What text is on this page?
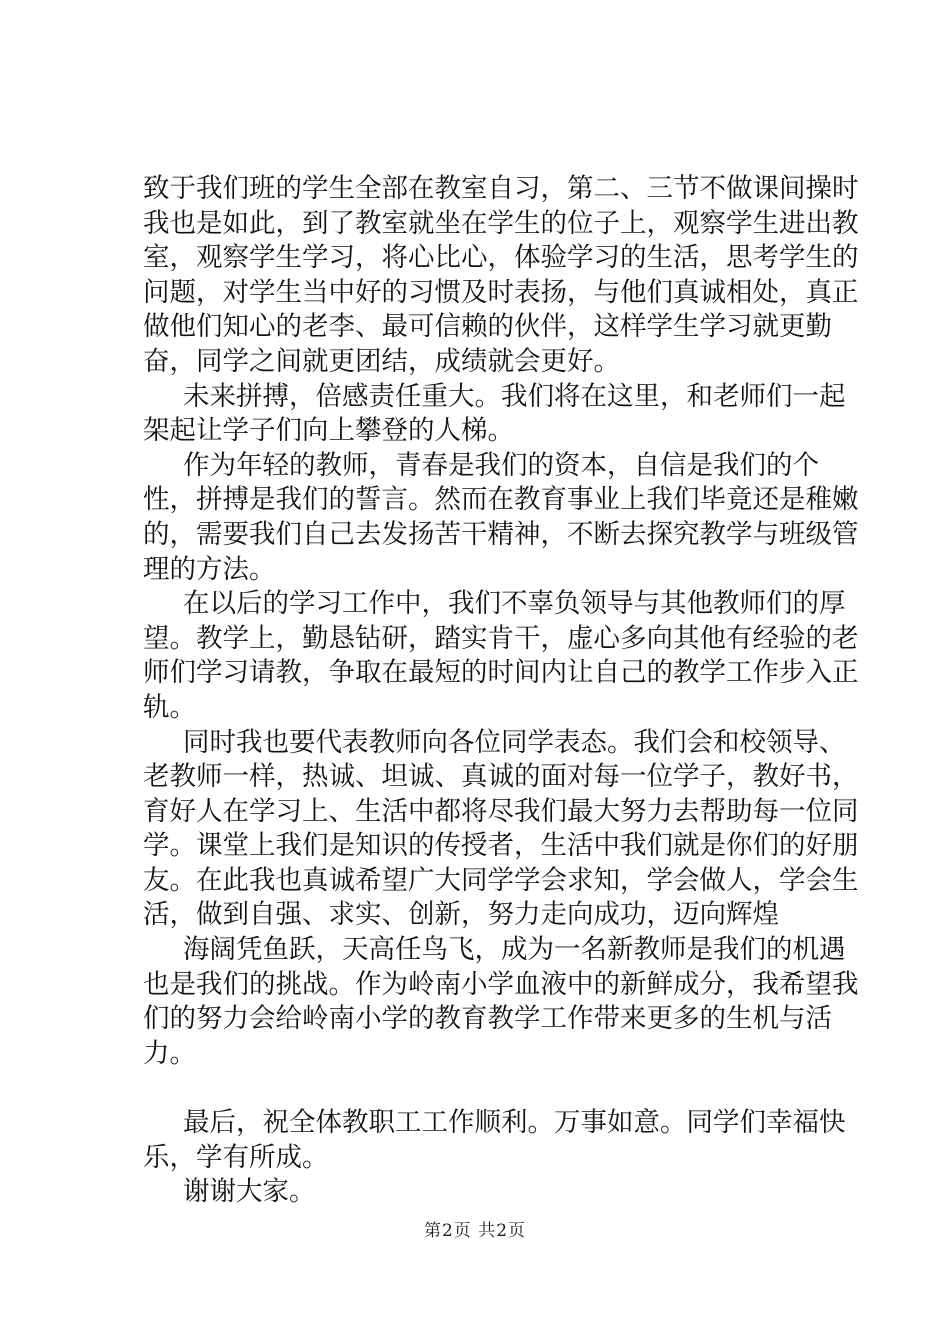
致于我们班的学生全部在教室自习，第二、三节不做课间操时我也是如此，到了教室就坐在学生的位子上，观察学生进出教室，观察学生学习，将心比心，体验学习的生活，思考学生的问题，对学生当中好的习惯及时表扬，与他们真诚相处，真正做他们知心的老李、最可信赖的伙伴，这样学生学习就更勤奋，同学之间就更团结，成绩就会更好。

未来拼搏，倍感责任重大。我们将在这里，和老师们一起架起让学子们向上攀登的人梯。

作为年轻的教师，青春是我们的资本，自信是我们的个性，拼搏是我们的誓言。然而在教育事业上我们毕竟还是稚嫩的，需要我们自己去发扬苦干精神，不断去探究教学与班级管理的方法。

在以后的学习工作中，我们不辜负领导与其他教师们的厚望。教学上，勤恳钻研，踏实肯干，虚心多向其他有经验的老师们学习请教，争取在最短的时间内让自己的教学工作步入正轨。

同时我也要代表教师向各位同学表态。我们会和校领导、老教师一样，热诚、坦诚、真诚的面对每一位学子，教好书，育好人在学习上、生活中都将尽我们最大努力去帮助每一位同学。课堂上我们是知识的传授者，生活中我们就是你们的好朋友。在此我也真诚希望广大同学学会求知，学会做人，学会生活，做到自强、求实、创新，努力走向成功，迈向辉煌

海阔凭鱼跃，天高任鸟飞，成为一名新教师是我们的机遇也是我们的挑战。作为岭南小学血液中的新鲜成分，我希望我们的努力会给岭南小学的教育教学工作带来更多的生机与活力。

最后，祝全体教职工工作顺利。万事如意。同学们幸福快乐，学有所成。

谢谢大家。

第2页 共2页
